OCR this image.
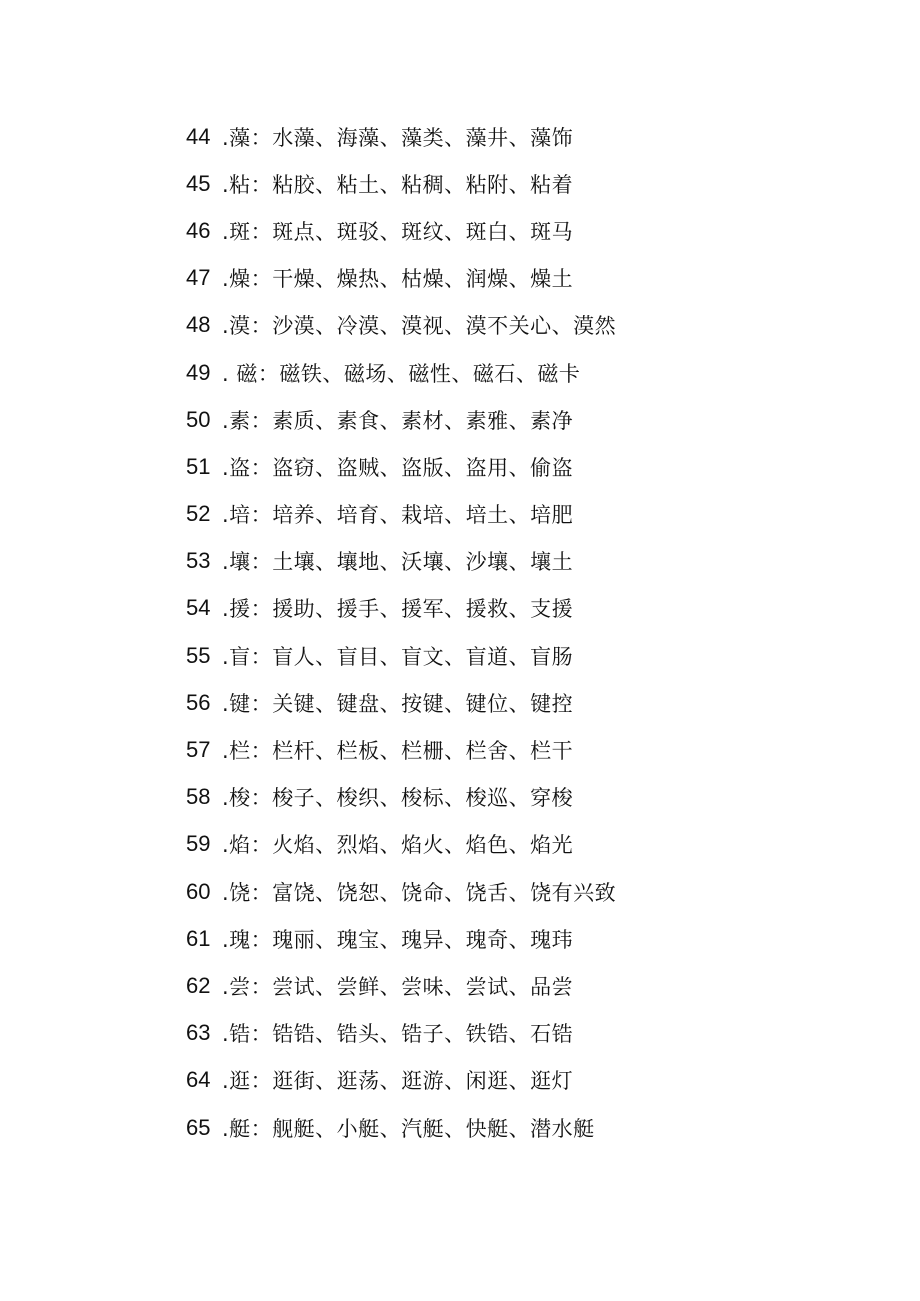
44 .藻： 水藻、海藻、藻类、藻井、藻饰
45 .粘： 粘胶、粘土、粘稠、粘附、粘着
46 .斑： 斑点、斑驳、斑纹、斑白、斑马
47 .燥： 干燥、燥热、枯燥、润燥、燥土
48 .漠： 沙漠、冷漠、漠视、漠不关心、漠然
49 . 磁： 磁铁、磁场、磁性、磁石、磁卡
50 .素： 素质、素食、素材、素雅、素净
51 .盗： 盗窃、盗贼、盗版、盗用、偷盗
52 .培： 培养、培育、栽培、培土、培肥
53 .壤： 土壤、壤地、沃壤、沙壤、壤土
54 .援： 援助、援手、援军、援救、支援
55 .盲： 盲人、盲目、盲文、盲道、盲肠
56 .键： 关键、键盘、按键、键位、键控
57 .栏： 栏杆、栏板、栏栅、栏舍、栏干
58 .梭： 梭子、梭织、梭标、梭巡、穿梭
59 .焰： 火焰、烈焰、焰火、焰色、焰光
60 .饶： 富饶、饶恕、饶命、饶舌、饶有兴致
61 .瑰： 瑰丽、瑰宝、瑰异、瑰奇、瑰玮
62 .尝： 尝试、尝鲜、尝味、尝试、品尝
63 .锆： 锆锆、锆头、锆子、铁锆、石锆
64 .逛： 逛街、逛荡、逛游、闲逛、逛灯
65 .艇： 舰艇、小艇、汽艇、快艇、潜水艇
